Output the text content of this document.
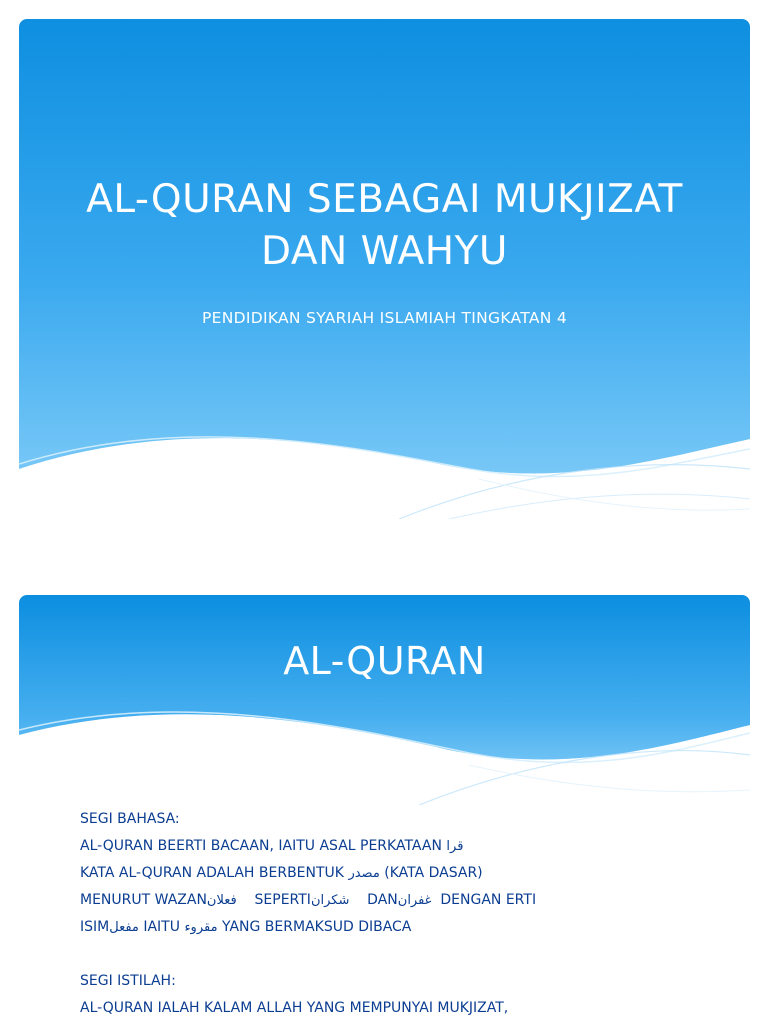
AL-QURAN SEBAGAI MUKJIZAT
DAN WAHYU

PENDIDIKAN SYARIAH ISLAMIAH TINGKATAN 4

AL-QURAN
SEGI BAHASA:
AL-QURAN BEERTI BACAAN, IAITU ASAL PERKATAAN قرا
KATA AL-QURAN ADALAH BERBENTUK مصدر (KATA DASAR)
MENURUT WAZANفعلان    SEPERTIشكران    DANغفران  DENGAN ERTI
ISIMمفعل IAITU مقروء YANG BERMAKSUD DIBACA
SEGI ISTILAH:
AL-QURAN IALAH KALAM ALLAH YANG MEMPUNYAI MUKJIZAT,
